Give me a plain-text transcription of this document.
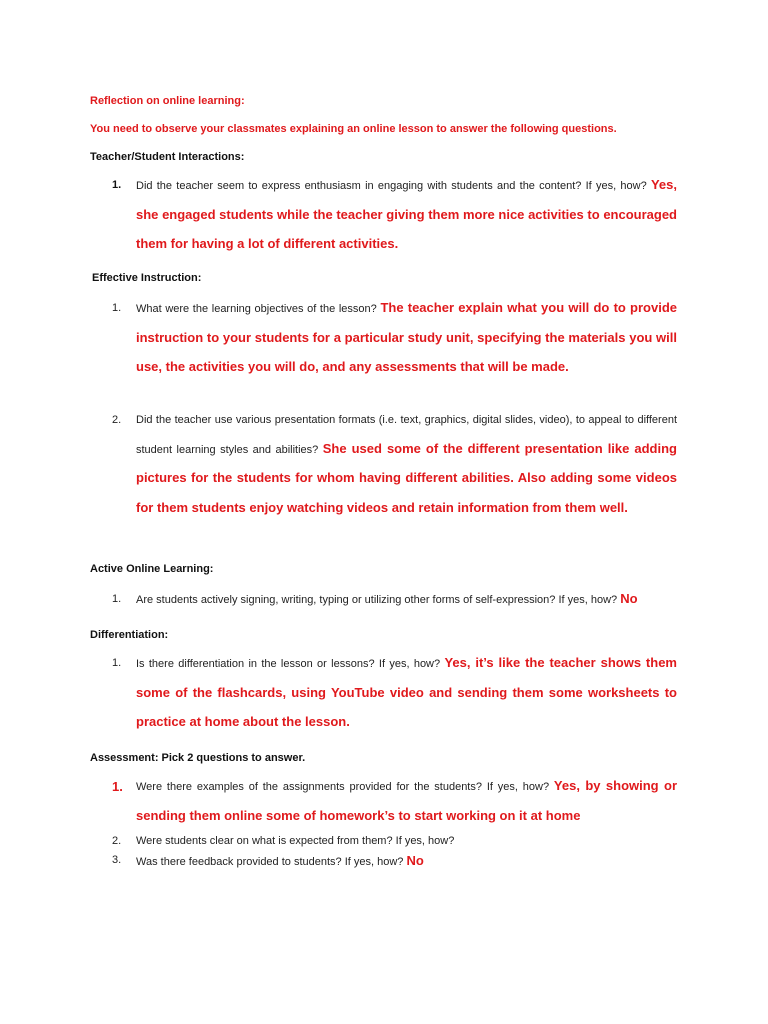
Reflection on online learning:
You need to observe your classmates explaining an online lesson to answer the following questions.
Teacher/Student Interactions:
1. Did the teacher seem to express enthusiasm in engaging with students and the content? If yes, how? Yes, she engaged students while the teacher giving them more nice activities to encouraged them for having a lot of different activities.
Effective Instruction:
1. What were the learning objectives of the lesson? The teacher explain what you will do to provide instruction to your students for a particular study unit, specifying the materials you will use, the activities you will do, and any assessments that will be made.
2. Did the teacher use various presentation formats (i.e. text, graphics, digital slides, video), to appeal to different student learning styles and abilities? She used some of the different presentation like adding pictures for the students for whom having different abilities. Also adding some videos for them students enjoy watching videos and retain information from them well.
Active Online Learning:
1. Are students actively signing, writing, typing or utilizing other forms of self-expression? If yes, how? No
Differentiation:
1. Is there differentiation in the lesson or lessons? If yes, how? Yes, it’s like the teacher shows them some of the flashcards, using YouTube video and sending them some worksheets to practice at home about the lesson.
Assessment: Pick 2 questions to answer.
1. Were there examples of the assignments provided for the students? If yes, how? Yes, by showing or sending them online some of homework’s to start working on it at home
2. Were students clear on what is expected from them? If yes, how?
3. Was there feedback provided to students? If yes, how? No
